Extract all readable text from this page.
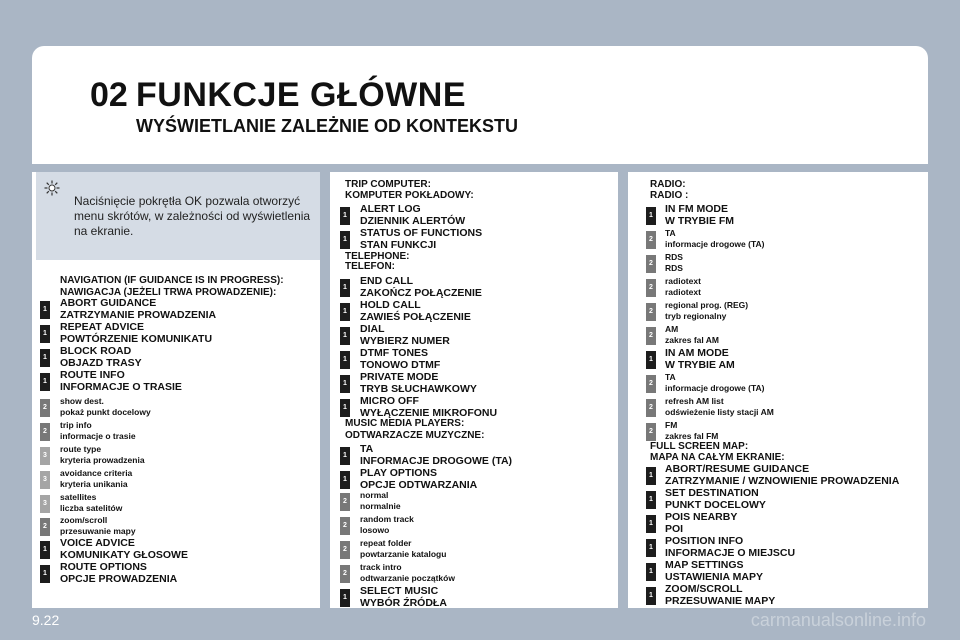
02 FUNKCJE GŁÓWNE
WYŚWIETLANIE ZALEŻNIE OD KONTEKSTU
Naciśnięcie pokrętła OK pozwala otworzyć menu skrótów, w zależności od wyświetlenia na ekranie.
NAVIGATION (IF GUIDANCE IS IN PROGRESS):
NAWIGACJA (JEŻELI TRWA PROWADZENIE):
TRIP COMPUTER:
KOMPUTER POKŁADOWY:
TELEPHONE:
TELEFON:
MUSIC MEDIA PLAYERS:
ODTWARZACZE MUZYCZNE:
RADIO:
RADIO :
FULL SCREEN MAP:
MAPA NA CAŁYM EKRANIE:
1
ABORT GUIDANCE
ZATRZYMANIE PROWADZENIA
1
REPEAT ADVICE
POWTÓRZENIE KOMUNIKATU
1
BLOCK ROAD
OBJAZD TRASY
1
ROUTE INFO
INFORMACJE O TRASIE
2
show dest.
pokaż punkt docelowy
2
trip info
informacje o trasie
3
route type
kryteria prowadzenia
3
avoidance criteria
kryteria unikania
3
satellites
liczba satelitów
2
zoom/scroll
przesuwanie mapy
1
VOICE ADVICE
KOMUNIKATY GŁOSOWE
1
ROUTE OPTIONS
OPCJE PROWADZENIA
1
ALERT LOG
DZIENNIK ALERTÓW
1
STATUS OF FUNCTIONS
STAN FUNKCJI
1
END CALL
ZAKOŃCZ POŁĄCZENIE
1
HOLD CALL
ZAWIEŚ POŁĄCZENIE
1
DIAL
WYBIERZ NUMER
1
DTMF TONES
TONOWO DTMF
1
PRIVATE MODE
TRYB SŁUCHAWKOWY
1
MICRO OFF
WYŁĄCZENIE MIKROFONU
1
TA
INFORMACJE DROGOWE (TA)
1
PLAY OPTIONS
OPCJE ODTWARZANIA
2
normal
normalnie
2
random track
losowo
2
repeat folder
powtarzanie katalogu
2
track intro
odtwarzanie początków
1
SELECT MUSIC
WYBÓR ŹRÓDŁA
1
IN FM MODE
W TRYBIE FM
2
TA
informacje drogowe (TA)
2
RDS
RDS
2
radiotext
radiotext
2
regional prog. (REG)
tryb regionalny
2
AM
zakres fal AM
1
IN AM MODE
W TRYBIE AM
2
TA
informacje drogowe (TA)
2
refresh AM list
odświeżenie listy stacji AM
2
FM
zakres fal FM
1
ABORT/RESUME GUIDANCE
ZATRZYMANIE / WZNOWIENIE PROWADZENIA
1
SET DESTINATION
PUNKT DOCELOWY
1
POIS NEARBY
POI
1
POSITION INFO
INFORMACJE O MIEJSCU
1
MAP SETTINGS
USTAWIENIA MAPY
1
ZOOM/SCROLL
PRZESUWANIE MAPY
9.22	carmanualsonline.info
